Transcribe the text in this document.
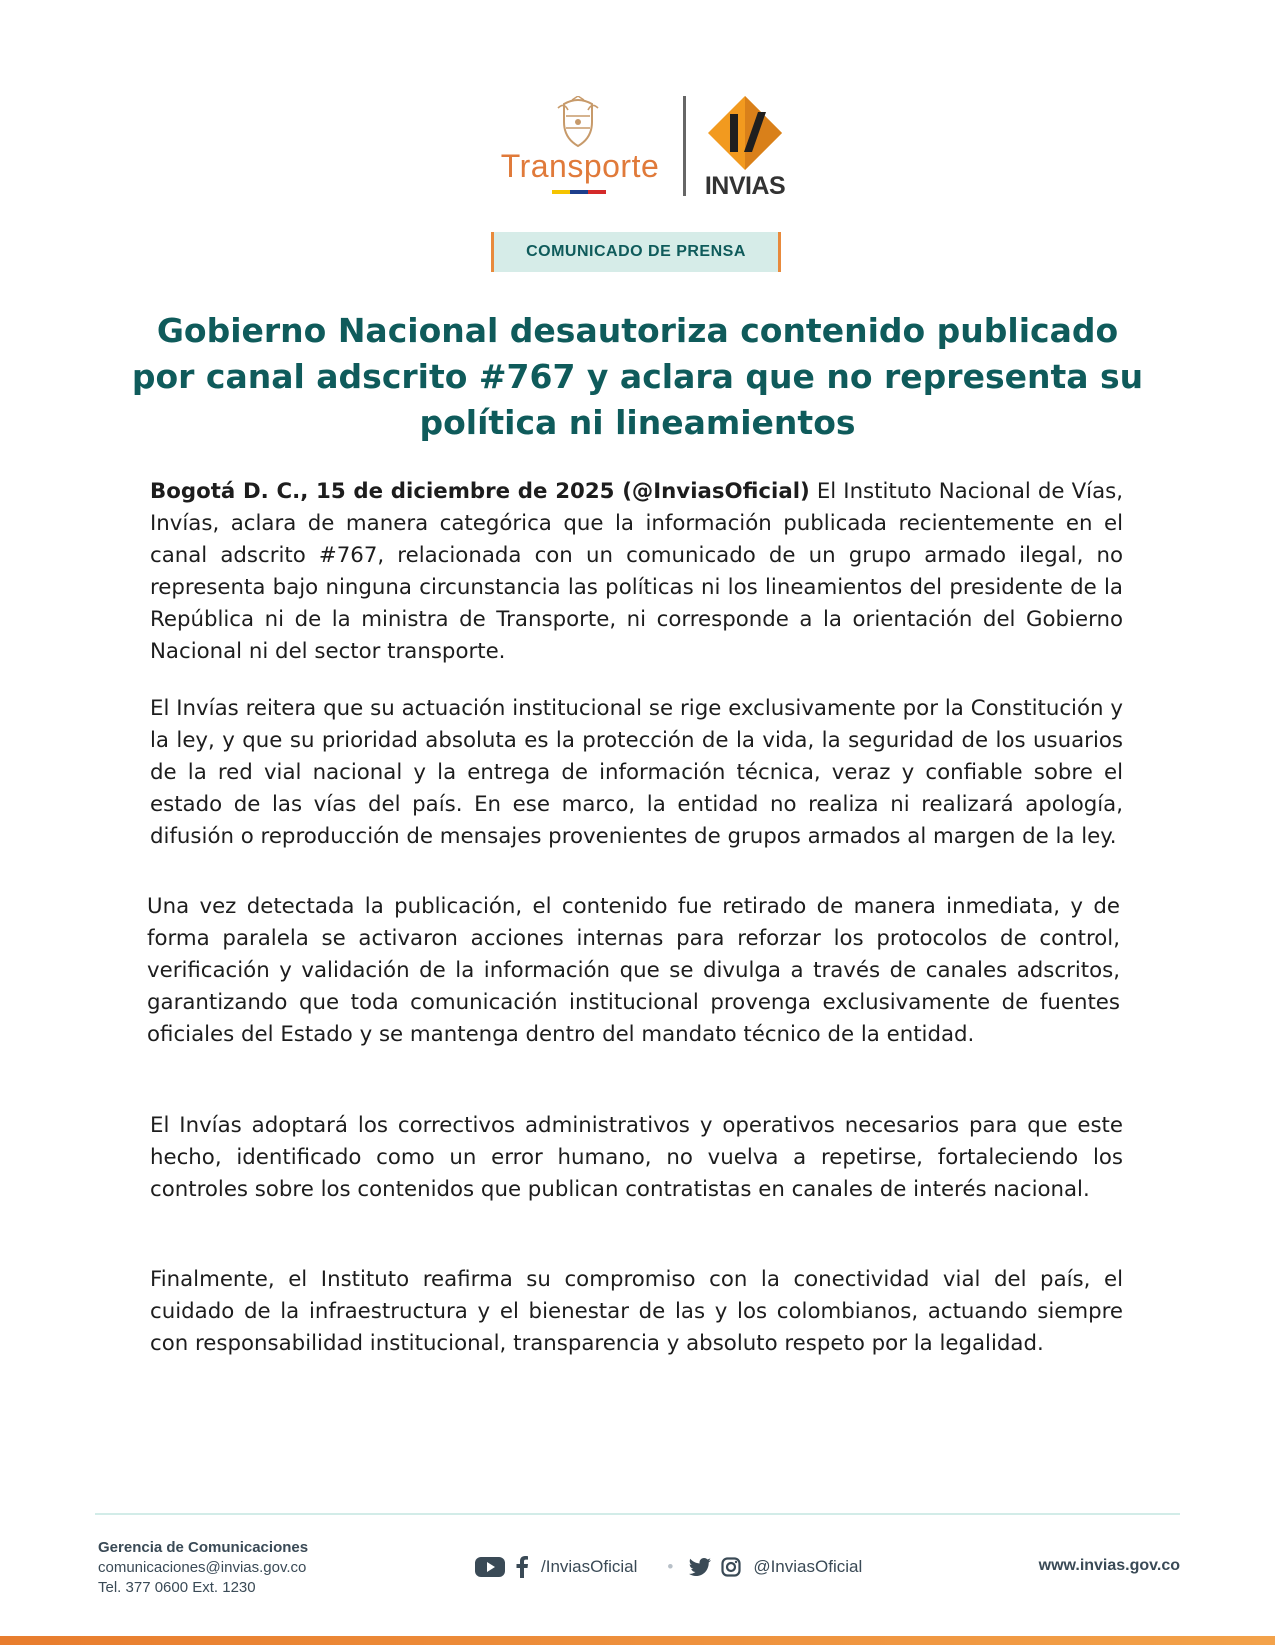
Transporte
INVIAS
COMUNICADO DE PRENSA
Gobierno Nacional desautoriza contenido publicado por canal adscrito #767 y aclara que no representa su política ni lineamientos

Bogotá D. C., 15 de diciembre de 2025 (@InviasOficial) El Instituto Nacional de Vías, Invías, aclara de manera categórica que la información publicada recientemente en el canal adscrito #767, relacionada con un comunicado de un grupo armado ilegal, no representa bajo ninguna circunstancia las políticas ni los lineamientos del presidente de la República ni de la ministra de Transporte, ni corresponde a la orientación del Gobierno Nacional ni del sector transporte.

El Invías reitera que su actuación institucional se rige exclusivamente por la Constitución y la ley, y que su prioridad absoluta es la protección de la vida, la seguridad de los usuarios de la red vial nacional y la entrega de información técnica, veraz y confiable sobre el estado de las vías del país. En ese marco, la entidad no realiza ni realizará apología, difusión o reproducción de mensajes provenientes de grupos armados al margen de la ley.

Una vez detectada la publicación, el contenido fue retirado de manera inmediata, y de forma paralela se activaron acciones internas para reforzar los protocolos de control, verificación y validación de la información que se divulga a través de canales adscritos, garantizando que toda comunicación institucional provenga exclusivamente de fuentes oficiales del Estado y se mantenga dentro del mandato técnico de la entidad.

El Invías adoptará los correctivos administrativos y operativos necesarios para que este hecho, identificado como un error humano, no vuelva a repetirse, fortaleciendo los controles sobre los contenidos que publican contratistas en canales de interés nacional.

Finalmente, el Instituto reafirma su compromiso con la conectividad vial del país, el cuidado de la infraestructura y el bienestar de las y los colombianos, actuando siempre con responsabilidad institucional, transparencia y absoluto respeto por la legalidad.

Gerencia de Comunicaciones
comunicaciones@invias.gov.co
Tel. 377 0600 Ext. 1230
/InviasOficial •	@InviasOficial	www.invias.gov.co
